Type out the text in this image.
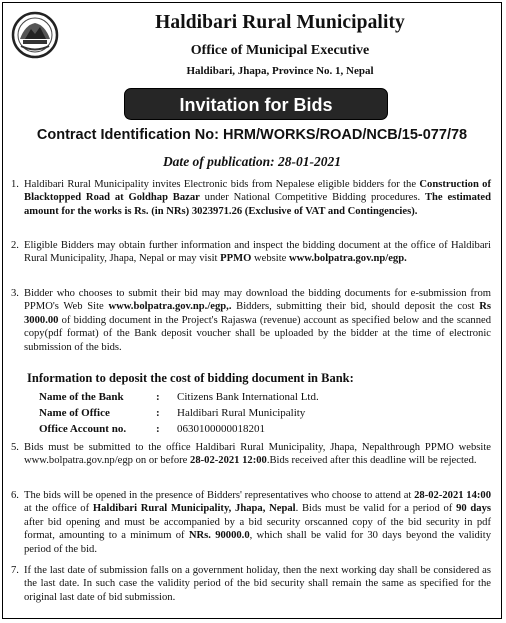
Haldibari Rural Municipality
Office of Municipal Executive
Haldibari, Jhapa, Province No. 1, Nepal
Invitation for Bids
Contract Identification No: HRM/WORKS/ROAD/NCB/15-077/78
Date of publication: 28-01-2021
1. Haldibari Rural Municipality invites Electronic bids from Nepalese eligible bidders for the Construction of Blacktopped Road at Goldhap Bazar under National Competitive Bidding procedures. The estimated amount for the works is Rs. (in NRs) 3023971.26 (Exclusive of VAT and Contingencies).
2. Eligible Bidders may obtain further information and inspect the bidding document at the office of Haldibari Rural Municipality, Jhapa, Nepal or may visit PPMO website www.bolpatra.gov.np/egp.
3. Bidder who chooses to submit their bid may may download the bidding documents for e-submission from PPMO's Web Site www.bolpatra.gov.np./egp,. Bidders, submitting their bid, should deposit the cost Rs 3000.00 of bidding document in the Project's Rajaswa (revenue) account as specified below and the scanned copy(pdf format) of the Bank deposit voucher shall be uploaded by the bidder at the time of electronic submission of the bids.
Information to deposit the cost of bidding document in Bank:
Name of the Bank	: Citizens Bank International Ltd.
Name of Office	: Haldibari Rural Municipality
Office Account no.	: 0630100000018201
5. Bids must be submitted to the office Haldibari Rural Municipality, Jhapa, Nepalthrough PPMO website www.bolpatra.gov.np/egp on or before 28-02-2021 12:00.Bids received after this deadline will be rejected.
6. The bids will be opened in the presence of Bidders' representatives who choose to attend at 28-02-2021 14:00 at the office of Haldibari Rural Municipality, Jhapa, Nepal. Bids must be valid for a period of 90 days after bid opening and must be accompanied by a bid security orscanned copy of the bid security in pdf format, amounting to a minimum of NRs. 90000.0, which shall be valid for 30 days beyond the validity period of the bid.
7. If the last date of submission falls on a government holiday, then the next working day shall be considered as the last date. In such case the validity period of the bid security shall remain the same as specified for the original last date of bid submission.
